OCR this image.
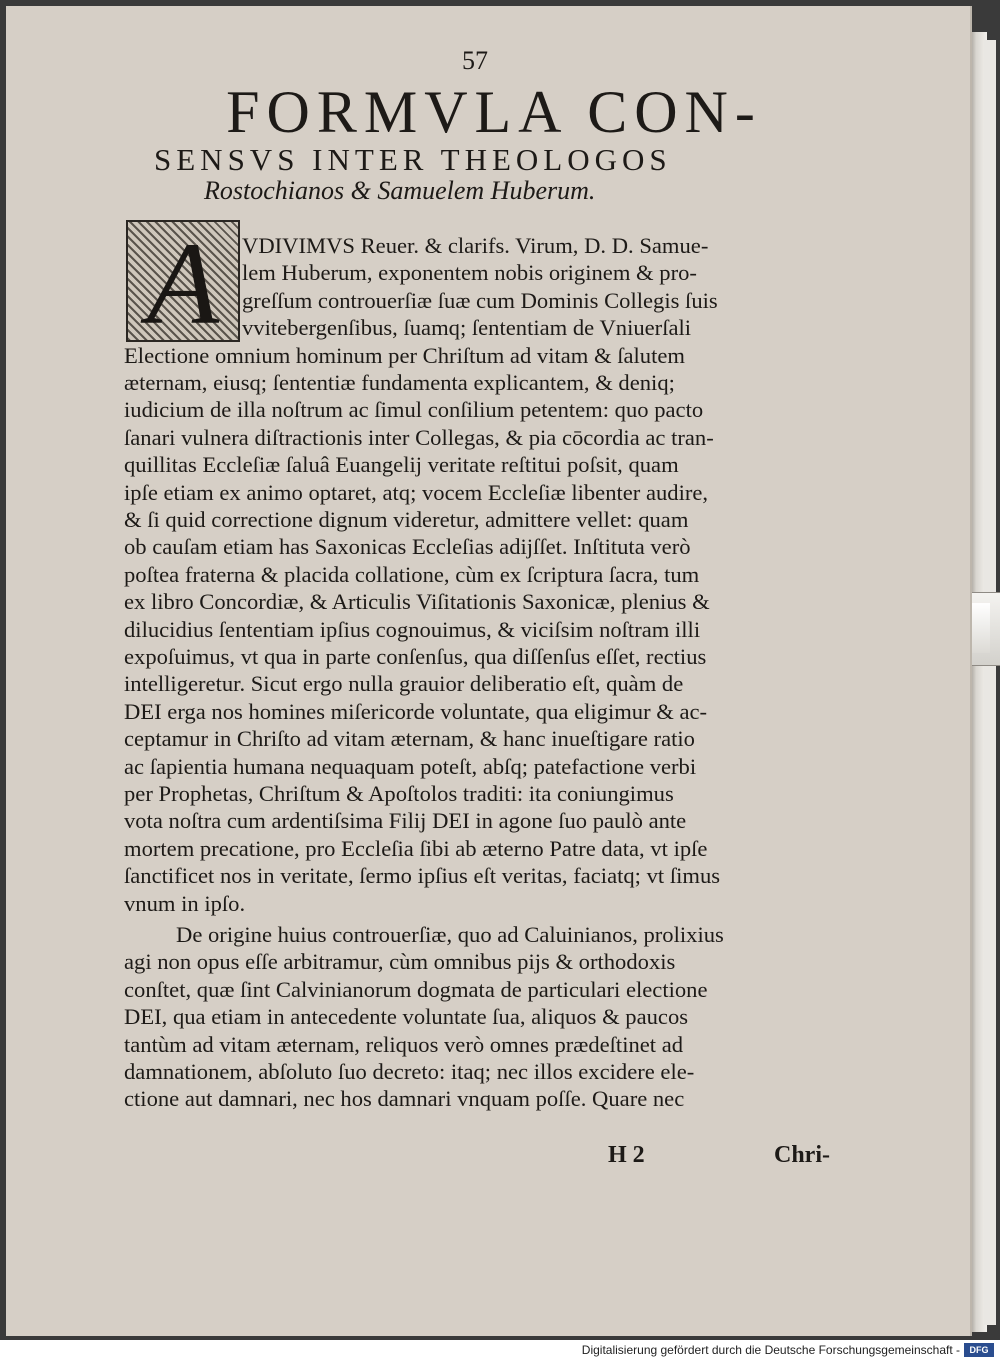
57
FORMVLA CON-
SENSVS INTER THEOLOGOS
Rostochianos & Samuelem Huberum.
A	VDIVIMVS Reuer. & clarifs. Virum, D. D. Samue-
lem Huberum, exponentem nobis originem & pro-
greſſum controuerſiæ ſuæ cum Dominis Collegis ſuis
vvitebergenſibus, ſuamq; ſententiam de Vniuerſali
Electione omnium hominum per Chriſtum ad vitam & ſalutem
æternam, eiusq; ſententiæ fundamenta explicantem, & deniq;
iudicium de illa noſtrum ac ſimul conſilium petentem: quo pacto
ſanari vulnera diſtractionis inter Collegas, & pia cōcordia ac tran-
quillitas Eccleſiæ ſaluâ Euangelij veritate reſtitui poſsit, quam
ipſe etiam ex animo optaret, atq; vocem Eccleſiæ libenter audire,
& ſi quid correctione dignum videretur, admittere vellet: quam
ob cauſam etiam has Saxonicas Eccleſias adijſſet. Inſtituta verò
poſtea fraterna & placida collatione, cùm ex ſcriptura ſacra, tum
ex libro Concordiæ, & Articulis Viſitationis Saxonicæ, plenius &
dilucidius ſententiam ipſius cognouimus, & viciſsim noſtram illi
expoſuimus, vt qua in parte conſenſus, qua diſſenſus eſſet, rectius
intelligeretur. Sicut ergo nulla grauior deliberatio eſt, quàm de
DEI erga nos homines miſericorde voluntate, qua eligimur & ac-
ceptamur in Chriſto ad vitam æternam, & hanc inueſtigare ratio
ac ſapientia humana nequaquam poteſt, abſq; patefactione verbi
per Prophetas, Chriſtum & Apoſtolos traditi: ita coniungimus
vota noſtra cum ardentiſsima Filij DEI in agone ſuo paulò ante
mortem precatione, pro Eccleſia ſibi ab æterno Patre data, vt ipſe
ſanctificet nos in veritate, ſermo ipſius eſt veritas, faciatq; vt ſimus
vnum in ipſo.
De origine huius controuerſiæ, quo ad Caluinianos, prolixius
agi non opus eſſe arbitramur, cùm omnibus pijs & orthodoxis
conſtet, quæ ſint Calvinianorum dogmata de particulari electione
DEI, qua etiam in antecedente voluntate ſua, aliquos & paucos
tantùm ad vitam æternam, reliquos verò omnes prædeſtinet ad
damnationem, abſoluto ſuo decreto: itaq; nec illos excidere ele-
ctione aut damnari, nec hos damnari vnquam poſſe. Quare nec
H 2	Chri-
Digitalisierung gefördert durch die Deutsche Forschungsgemeinschaft -	DFG
